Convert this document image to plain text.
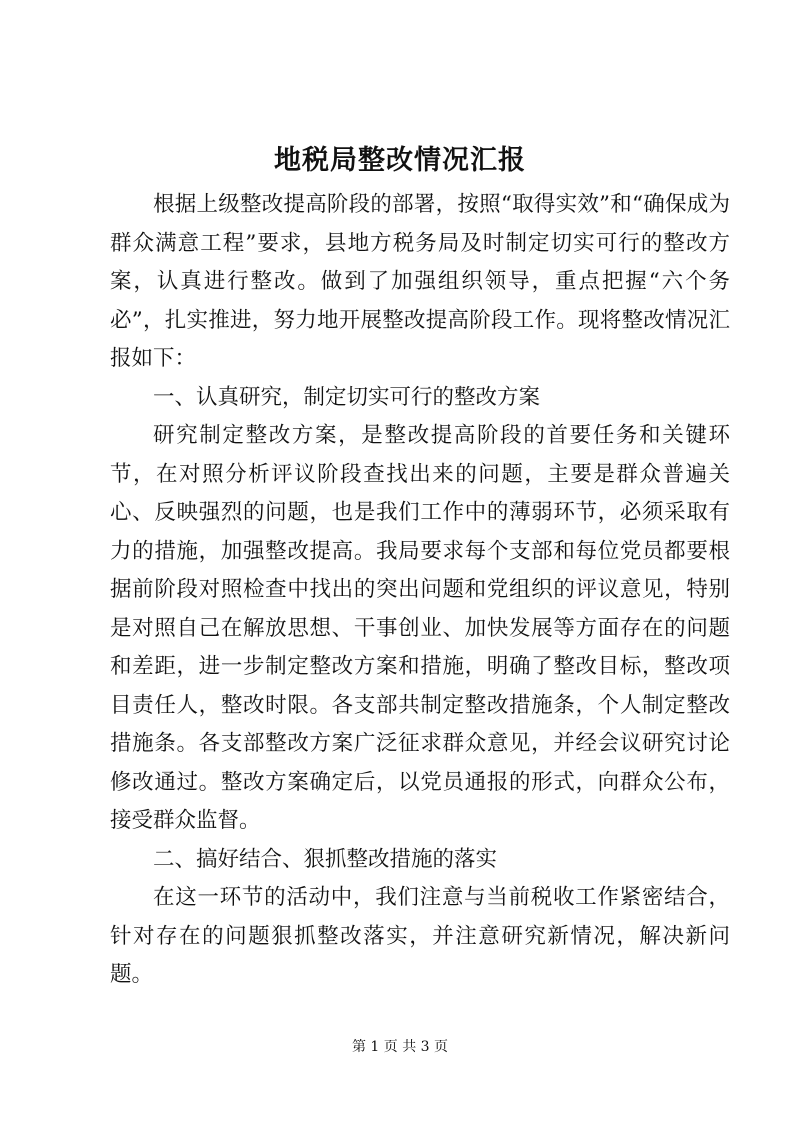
地税局整改情况汇报

根据上级整改提高阶段的部署，按照“取得实效”和“确保成为群众满意工程”要求，县地方税务局及时制定切实可行的整改方案，认真进行整改。做到了加强组织领导，重点把握“六个务必”，扎实推进，努力地开展整改提高阶段工作。现将整改情况汇报如下：

一、认真研究，制定切实可行的整改方案

研究制定整改方案，是整改提高阶段的首要任务和关键环节，在对照分析评议阶段查找出来的问题，主要是群众普遍关心、反映强烈的问题，也是我们工作中的薄弱环节，必须采取有力的措施，加强整改提高。我局要求每个支部和每位党员都要根据前阶段对照检查中找出的突出问题和党组织的评议意见，特别是对照自己在解放思想、干事创业、加快发展等方面存在的问题和差距，进一步制定整改方案和措施，明确了整改目标，整改项目责任人，整改时限。各支部共制定整改措施条，个人制定整改措施条。各支部整改方案广泛征求群众意见，并经会议研究讨论修改通过。整改方案确定后，以党员通报的形式，向群众公布，接受群众监督。

二、搞好结合、狠抓整改措施的落实

在这一环节的活动中，我们注意与当前税收工作紧密结合，针对存在的问题狠抓整改落实，并注意研究新情况，解决新问题。

第 1 页 共 3 页
